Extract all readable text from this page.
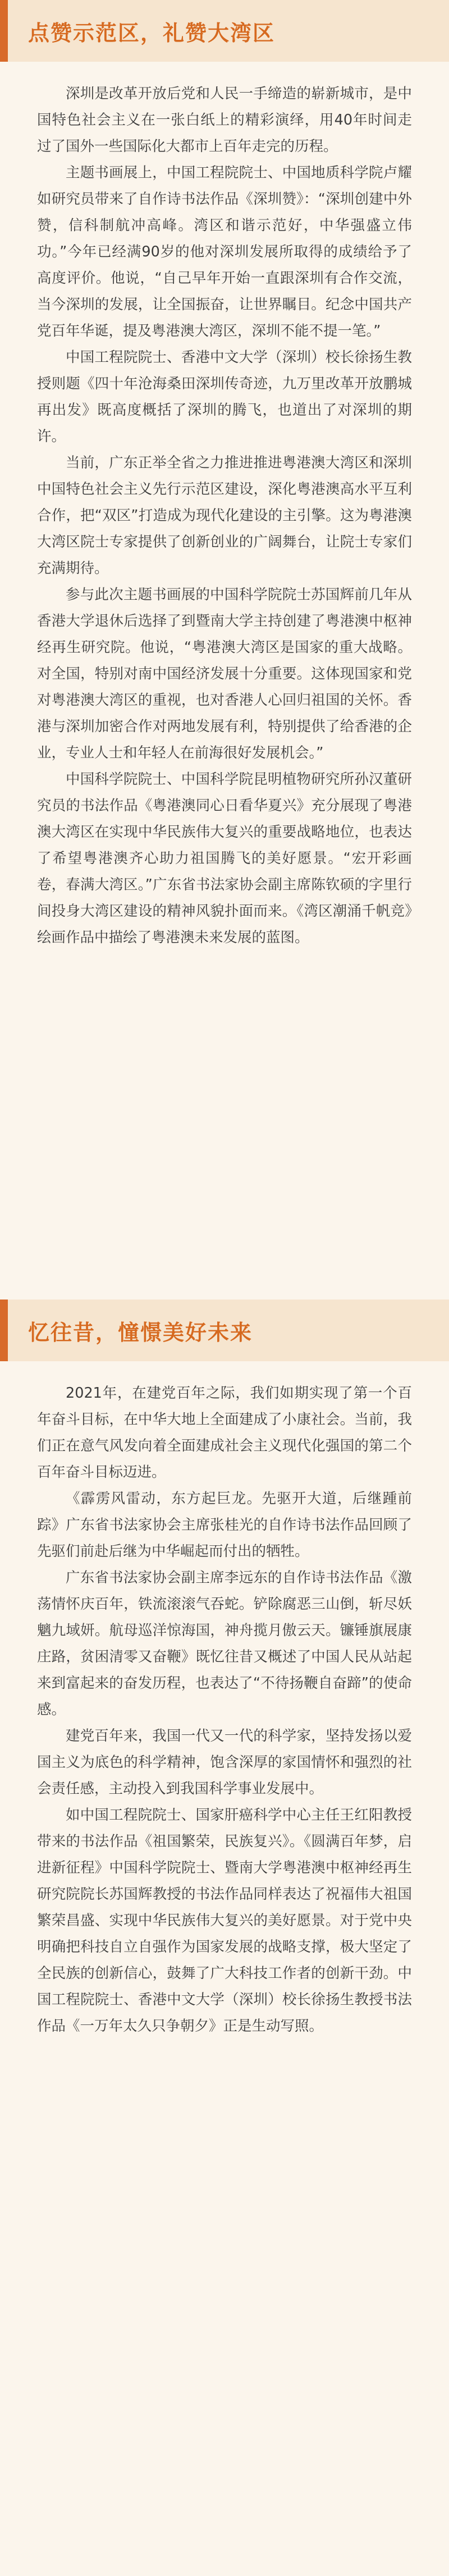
点赞示范区，礼赞大湾区

深圳是改革开放后党和人民一手缔造的崭新城市，是中国特色社会主义在一张白纸上的精彩演绎，用40年时间走过了国外一些国际化大都市上百年走完的历程。

主题书画展上，中国工程院院士、中国地质科学院卢耀如研究员带来了自作诗书法作品《深圳赞》：“深圳创建中外赞，信科制航冲高峰。湾区和谐示范好，中华强盛立伟功。”今年已经满90岁的他对深圳发展所取得的成绩给予了高度评价。他说，“自己早年开始一直跟深圳有合作交流，当今深圳的发展，让全国振奋，让世界瞩目。纪念中国共产党百年华诞，提及粤港澳大湾区，深圳不能不提一笔。”

中国工程院院士、香港中文大学（深圳）校长徐扬生教授则题《四十年沧海桑田深圳传奇迹，九万里改革开放鹏城再出发》既高度概括了深圳的腾飞，也道出了对深圳的期许。

当前，广东正举全省之力推进推进粤港澳大湾区和深圳中国特色社会主义先行示范区建设，深化粤港澳高水平互利合作，把“双区”打造成为现代化建设的主引擎。这为粤港澳大湾区院士专家提供了创新创业的广阔舞台，让院士专家们充满期待。

参与此次主题书画展的中国科学院院士苏国辉前几年从香港大学退休后选择了到暨南大学主持创建了粤港澳中枢神经再生研究院。他说，“粤港澳大湾区是国家的重大战略。对全国，特别对南中国经济发展十分重要。这体现国家和党对粤港澳大湾区的重视，也对香港人心回归祖国的关怀。香港与深圳加密合作对两地发展有利，特别提供了给香港的企业，专业人士和年轻人在前海很好发展机会。”

中国科学院院士、中国科学院昆明植物研究所孙汉董研究员的书法作品《粤港澳同心日看华夏兴》充分展现了粤港澳大湾区在实现中华民族伟大复兴的重要战略地位，也表达了希望粤港澳齐心助力祖国腾飞的美好愿景。“宏开彩画卷，春满大湾区。”广东省书法家协会副主席陈钦硕的字里行间投身大湾区建设的精神风貌扑面而来。《湾区潮涌千帆竞》绘画作品中描绘了粤港澳未来发展的蓝图。

忆往昔，憧憬美好未来

2021年，在建党百年之际，我们如期实现了第一个百年奋斗目标，在中华大地上全面建成了小康社会。当前，我们正在意气风发向着全面建成社会主义现代化强国的第二个百年奋斗目标迈进。

《霹雳风雷动，东方起巨龙。先驱开大道，后继踵前踪》广东省书法家协会主席张桂光的自作诗书法作品回顾了先驱们前赴后继为中华崛起而付出的牺牲。

广东省书法家协会副主席李远东的自作诗书法作品《激荡情怀庆百年，铁流滚滚气吞蛇。铲除腐恶三山倒，斩尽妖魑九域妍。航母巡洋惊海国，神舟揽月傲云天。镰锤旗展康庄路，贫困清零又奋鞭》既忆往昔又概述了中国人民从站起来到富起来的奋发历程，也表达了“不待扬鞭自奋蹄”的使命感。

建党百年来，我国一代又一代的科学家，坚持发扬以爱国主义为底色的科学精神，饱含深厚的家国情怀和强烈的社会责任感，主动投入到我国科学事业发展中。

如中国工程院院士、国家肝癌科学中心主任王红阳教授带来的书法作品《祖国繁荣，民族复兴》。《圆满百年梦，启进新征程》中国科学院院士、暨南大学粤港澳中枢神经再生研究院院长苏国辉教授的书法作品同样表达了祝福伟大祖国繁荣昌盛、实现中华民族伟大复兴的美好愿景。对于党中央明确把科技自立自强作为国家发展的战略支撑，极大坚定了全民族的创新信心，鼓舞了广大科技工作者的创新干劲。中国工程院院士、香港中文大学（深圳）校长徐扬生教授书法作品《一万年太久只争朝夕》正是生动写照。
